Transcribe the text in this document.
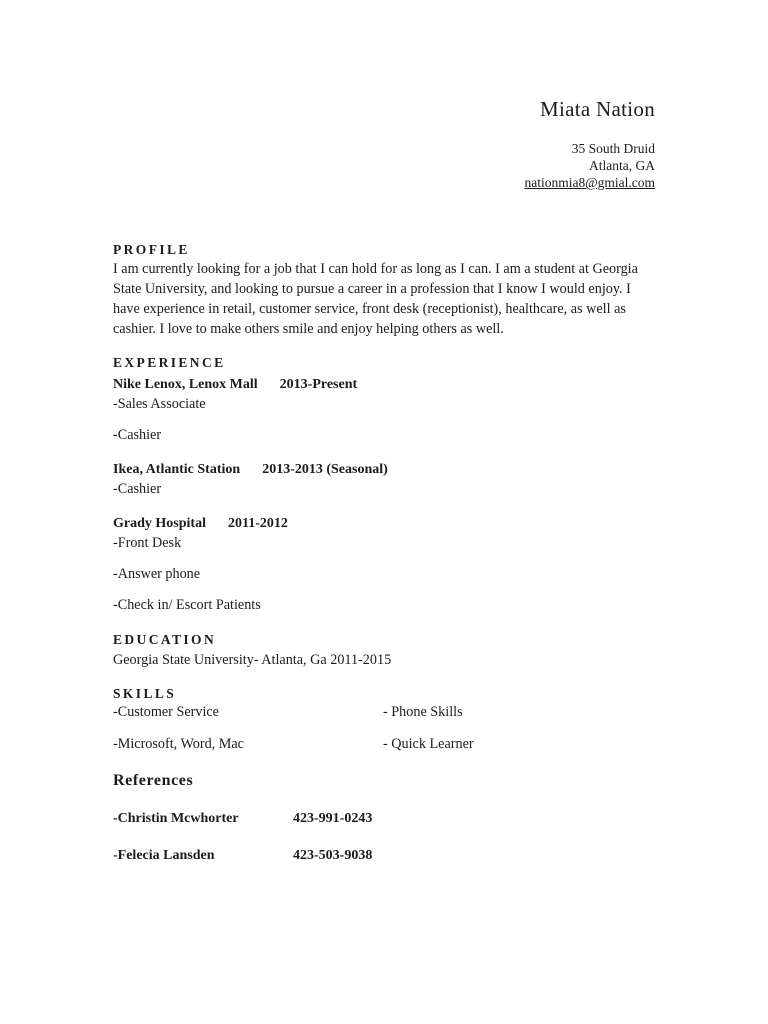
Miata Nation
35 South Druid
Atlanta, GA
nationmia8@gmial.com
PROFILE
I am currently looking for a job that I can hold for as long as I can. I am a student at Georgia State University, and looking to pursue a career in a profession that I know I would enjoy. I have experience in retail, customer service, front desk (receptionist), healthcare, as well as cashier. I love to make others smile and enjoy helping others as well.
EXPERIENCE
Nike Lenox, Lenox Mall 2013-Present
-Sales Associate
-Cashier
Ikea, Atlantic Station 2013-2013 (Seasonal)
-Cashier
Grady Hospital 2011-2012
-Front Desk
-Answer phone
-Check in/ Escort Patients
EDUCATION
Georgia State University- Atlanta, Ga 2011-2015
SKILLS
-Customer Service	- Phone Skills
-Microsoft, Word, Mac	- Quick Learner
References
-Christin Mcwhorter	423-991-0243
-Felecia Lansden	423-503-9038
